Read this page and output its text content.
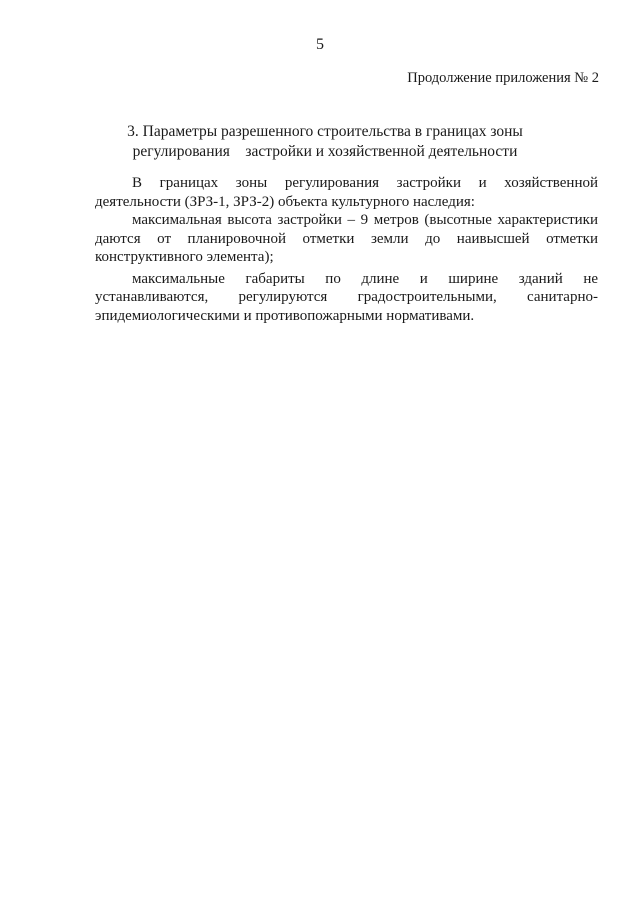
5
Продолжение приложения № 2
3. Параметры разрешенного строительства в границах зоны
регулирования    застройки и хозяйственной деятельности
В границах зоны регулирования застройки и хозяйственной
деятельности (ЗРЗ-1, ЗРЗ-2) объекта культурного наследия:
максимальная высота застройки – 9 метров (высотные характеристики
даются от планировочной отметки земли до наивысшей отметки
конструктивного элемента);
максимальные габариты по длине и ширине зданий не
устанавливаются, регулируются градостроительными, санитарно-
эпидемиологическими и противопожарными нормативами.
